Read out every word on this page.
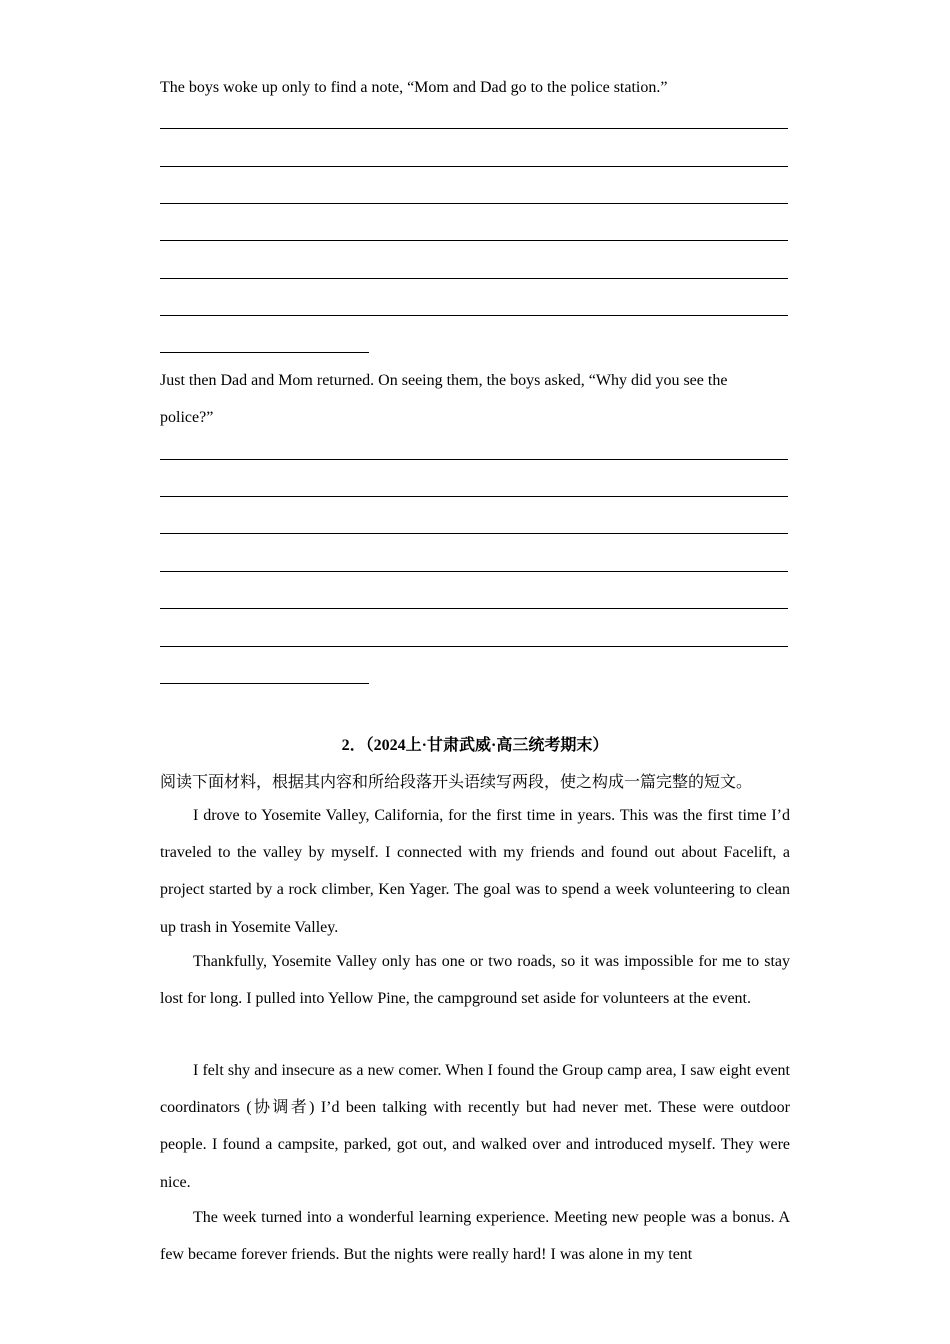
The boys woke up only to find a note, “Mom and Dad go to the police station.”
Just then Dad and Mom returned. On seeing them, the boys asked, “Why did you see the
police?”
2．（2024上·甘肃武威·高三统考期末）
阅读下面材料，根据其内容和所给段落开头语续写两段，使之构成一篇完整的短文。

I drove to Yosemite Valley, California, for the first time in years. This was the first time I’d traveled to the valley by myself. I connected with my friends and found out about Facelift, a project started by a rock climber, Ken Yager. The goal was to spend a week volunteering to clean up trash in Yosemite Valley.

Thankfully, Yosemite Valley only has one or two roads, so it was impossible for me to stay lost for long. I pulled into Yellow Pine, the campground set aside for volunteers at the event.

I felt shy and insecure as a new comer. When I found the Group camp area, I saw eight event coordinators (协调者) I’d been talking with recently but had never met. These were outdoor people. I found a campsite, parked, got out, and walked over and introduced myself. They were nice.

The week turned into a wonderful learning experience. Meeting new people was a bonus. A few became forever friends. But the nights were really hard! I was alone in my tent
